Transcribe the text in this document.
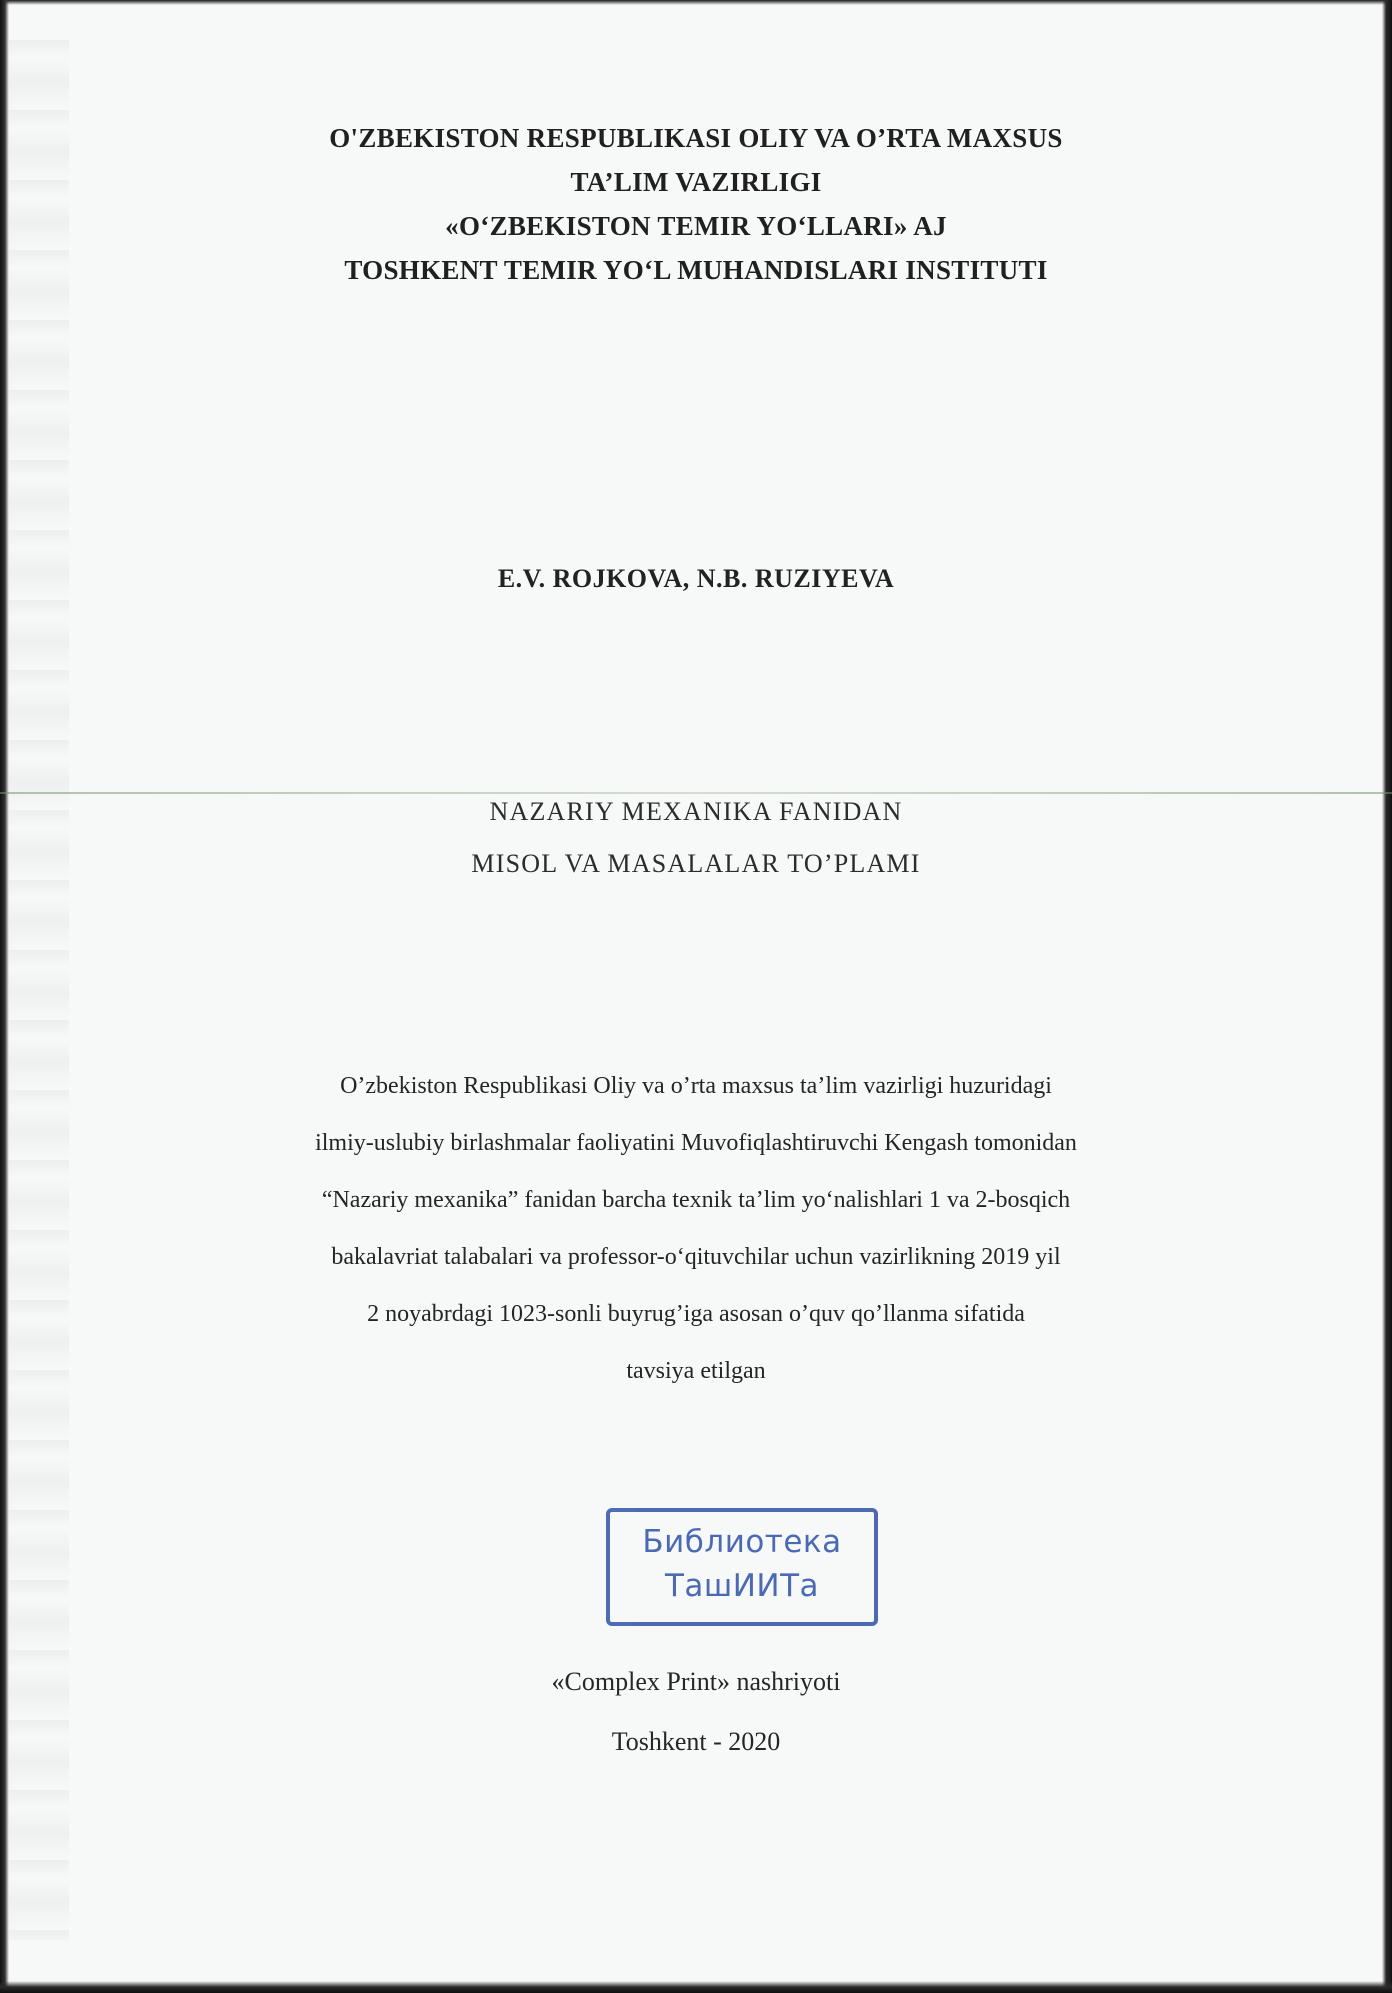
O'ZBEKISTON RESPUBLIKASI OLIY VA O’RTA MAXSUS
TA’LIM VAZIRLIGI
«O‘ZBEKISTON TEMIR YO‘LLARI» AJ
TOSHKENT TEMIR YO‘L MUHANDISLARI INSTITUTI
E.V. ROJKOVA, N.B. RUZIYEVA
NAZARIY MEXANIKA FANIDAN
MISOL VA MASALALAR TO’PLAMI
O’zbekiston Respublikasi Oliy va o’rta maxsus ta’lim vazirligi huzuridagi
ilmiy-uslubiy birlashmalar faoliyatini Muvofiqlashtiruvchi Kengash tomonidan
“Nazariy mexanika” fanidan barcha texnik ta’lim yo‘nalishlari 1 va 2-bosqich
bakalavriat talabalari va professor-o‘qituvchilar uchun vazirlikning 2019 yil
2 noyabrdagi 1023-sonli buyrug’iga asosan o’quv qo’llanma sifatida
tavsiya etilgan
Библиотека
ТашИИТа
«Complex Print» nashriyoti
Toshkent - 2020
